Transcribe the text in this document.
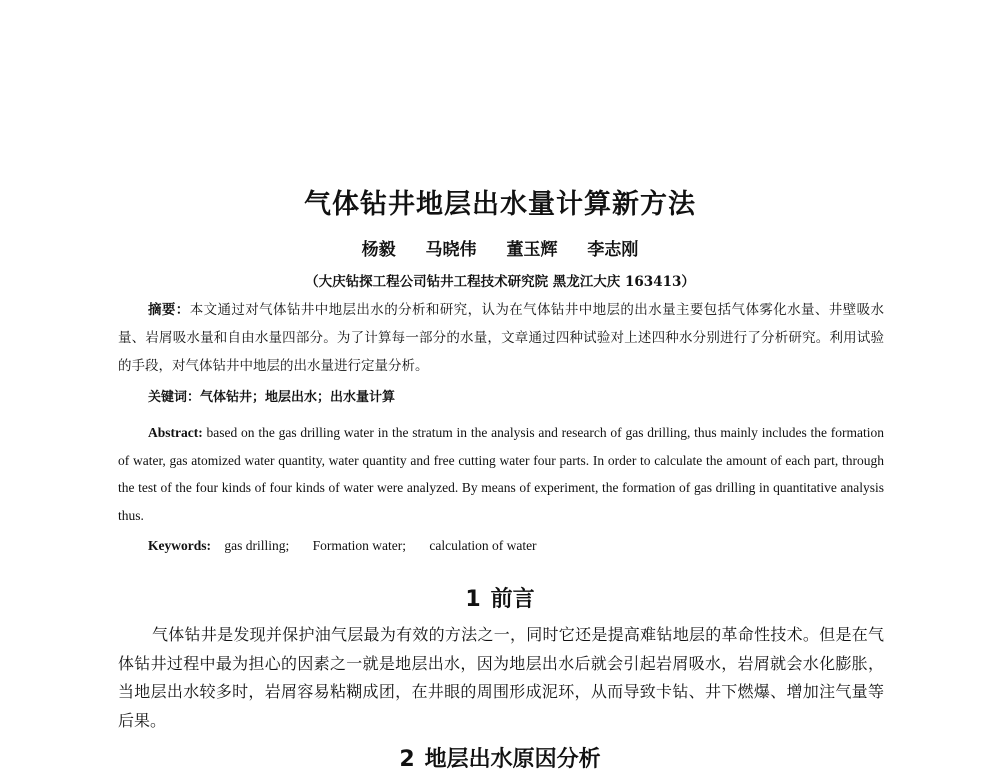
气体钻井地层出水量计算新方法
杨毅 马晓伟 董玉辉 李志刚
（大庆钻探工程公司钻井工程技术研究院 黑龙江大庆 163413）
摘要：本文通过对气体钻井中地层出水的分析和研究，认为在气体钻井中地层的出水量主要包括气体雾化水量、井壁吸水量、岩屑吸水量和自由水量四部分。为了计算每一部分的水量，文章通过四种试验对上述四种水分别进行了分析研究。利用试验的手段，对气体钻井中地层的出水量进行定量分析。
关键词：气体钻井；地层出水；出水量计算
Abstract: based on the gas drilling water in the stratum in the analysis and research of gas drilling, thus mainly includes the formation of water, gas atomized water quantity, water quantity and free cutting water four parts. In order to calculate the amount of each part, through the test of the four kinds of four kinds of water were analyzed. By means of experiment, the formation of gas drilling in quantitative analysis thus.
Keywords: gas drilling; Formation water; calculation of water
1 前言
气体钻井是发现并保护油气层最为有效的方法之一，同时它还是提高难钻地层的革命性技术。但是在气体钻井过程中最为担心的因素之一就是地层出水，因为地层出水后就会引起岩屑吸水，岩屑就会水化膨胀，当地层出水较多时，岩屑容易粘糊成团，在井眼的周围形成泥环，从而导致卡钻、井下燃爆、增加注气量等后果。
2 地层出水原因分析
